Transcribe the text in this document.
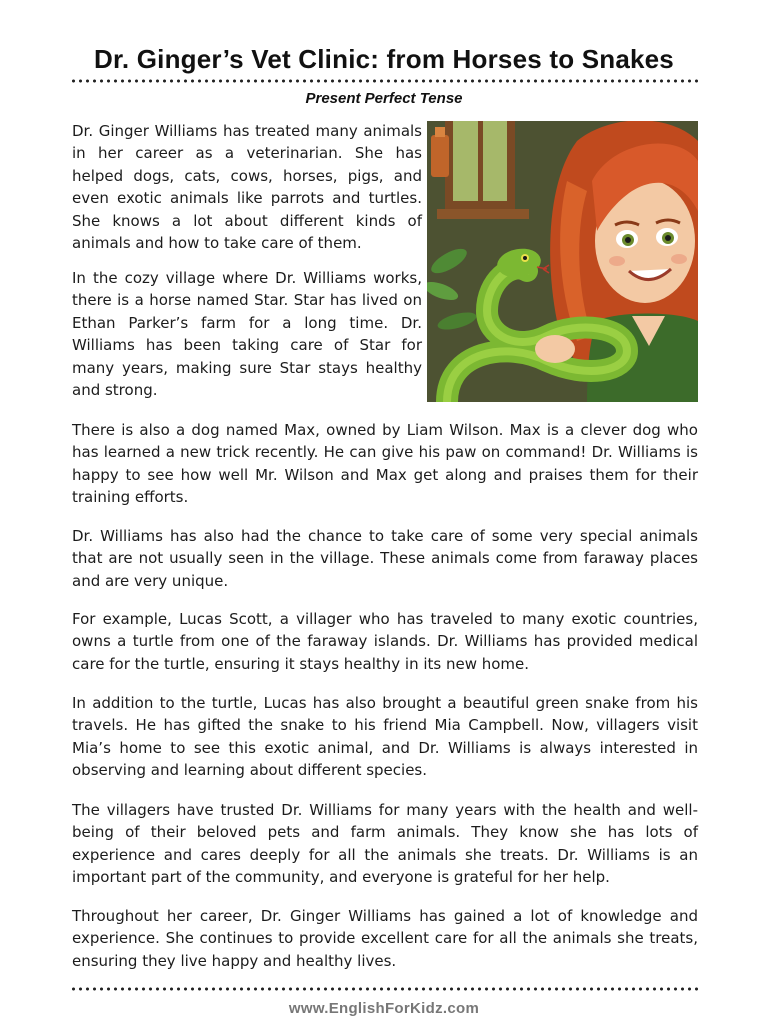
Dr. Ginger’s Vet Clinic: from Horses to Snakes
Present Perfect Tense

Dr. Ginger Williams has treated many animals in her career as a veterinarian. She has helped dogs, cats, cows, horses, pigs, and even exotic animals like parrots and turtles. She knows a lot about different kinds of animals and how to take care of them.

In the cozy village where Dr. Williams works, there is a horse named Star. Star has lived on Ethan Parker’s farm for a long time. Dr. Williams has been taking care of Star for many years, making sure Star stays healthy and strong.

There is also a dog named Max, owned by Liam Wilson. Max is a clever dog who has learned a new trick recently. He can give his paw on command! Dr. Williams is happy to see how well Mr. Wilson and Max get along and praises them for their training efforts.

Dr. Williams has also had the chance to take care of some very special animals that are not usually seen in the village. These animals come from faraway places and are very unique.

For example, Lucas Scott, a villager who has traveled to many exotic countries, owns a turtle from one of the faraway islands. Dr. Williams has provided medical care for the turtle, ensuring it stays healthy in its new home.

In addition to the turtle, Lucas has also brought a beautiful green snake from his travels. He has gifted the snake to his friend Mia Campbell. Now, villagers visit Mia’s home to see this exotic animal, and Dr. Williams is always interested in observing and learning about different species.

The villagers have trusted Dr. Williams for many years with the health and well-being of their beloved pets and farm animals. They know she has lots of experience and cares deeply for all the animals she treats. Dr. Williams is an important part of the community, and everyone is grateful for her help.

Throughout her career, Dr. Ginger Williams has gained a lot of knowledge and experience. She continues to provide excellent care for all the animals she treats, ensuring they live happy and healthy lives.

www.EnglishForKidz.com
